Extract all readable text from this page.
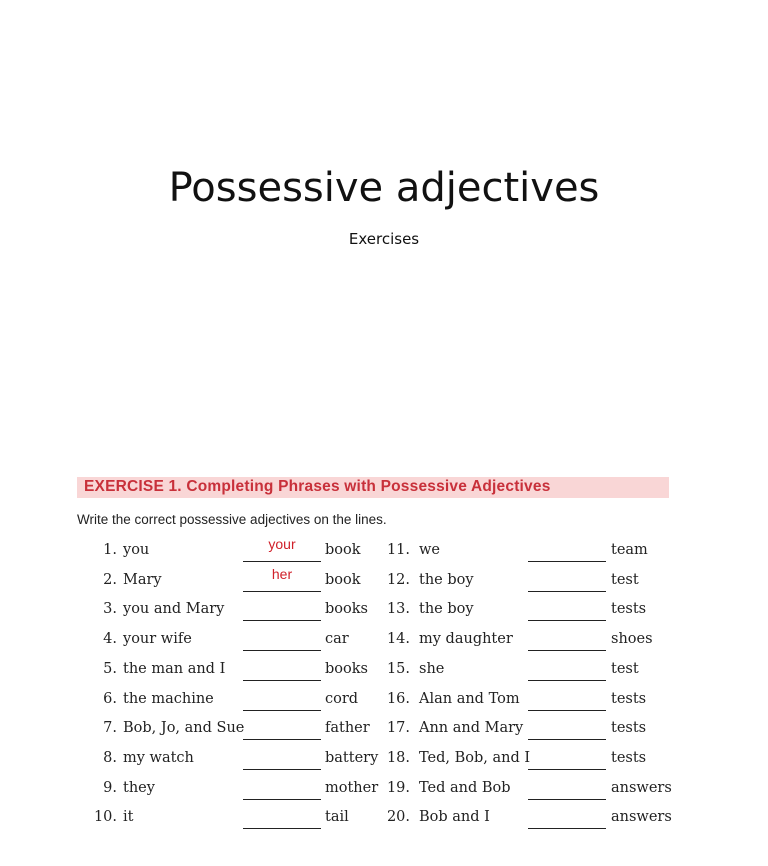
Possessive adjectives
Exercises
EXERCISE 1. Completing Phrases with Possessive Adjectives
Write the correct possessive adjectives on the lines.
1. you	your	book
2. Mary	her	book
3. you and Mary	books
4. your wife	car
5. the man and I	books
6. the machine	cord
7. Bob, Jo, and Sue	father
8. my watch	battery
9. they	mother
10. it	tail
11. we	team
12. the boy	test
13. the boy	tests
14. my daughter	shoes
15. she	test
16. Alan and Tom	tests
17. Ann and Mary	tests
18. Ted, Bob, and I	tests
19. Ted and Bob	answers
20. Bob and I	answers
